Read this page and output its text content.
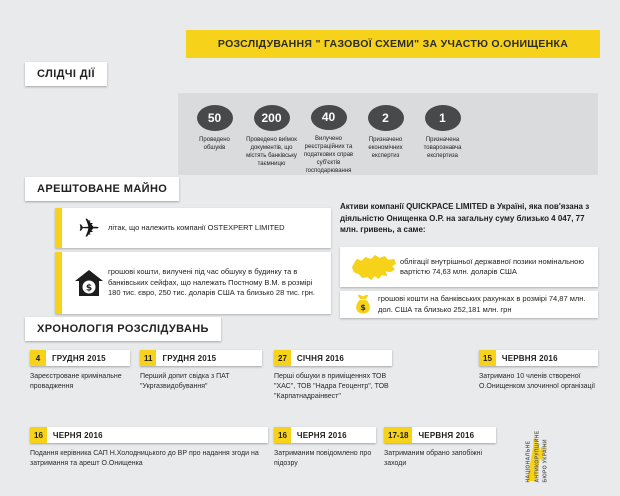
РОЗСЛІДУВАННЯ " ГАЗОВОЇ СХЕМИ" ЗА УЧАСТЮ О.ОНИЩЕНКА
СЛІДЧІ ДІЇ
50
Проведено обшуків
200
Проведено виїмок документів, що містять банківську таємницю
40
Вилучено реєстраційних та податкових справ суб'єктів господарювання
2
Призначено економічних експертиз
1
Призначена товарознавча експертиза
АРЕШТОВАНЕ МАЙНО
✈ літак, що належить компанії OSTEXPERT LIMITED
$
грошові кошти, вилучені під час обшуку в будинку та в банківських сейфах, що належать Постному В.М. в розмірі 180 тис. євро, 250 тис. доларів США та близько 28 тис. грн.
Активи компанії QUICKPACE LIMITED в Україні, яка пов'язана з діяльністю Онищенка О.Р. на загальну суму близько 4 047, 77 млн. гривень, а саме:
облігації внутрішньої державної позики номінальною вартістю 74,63 млн. доларів США
$
грошові кошти на банківських рахунках в розмірі 74,87 млн. дол. США та близько 252,181 млн. грн
ХРОНОЛОГІЯ РОЗСЛІДУВАНЬ
4	ГРУДНЯ 2015
Зареєстроване кримінальне провадження
11	ГРУДНЯ 2015
Перший допит свідка з ПАТ "Укргазвидобування"
27	СІЧНЯ 2016
Перші обшуки в приміщеннях ТОВ "ХАС", ТОВ "Надра Геоцентр", ТОВ "Карпатнадраінвест"
15	ЧЕРВНЯ 2016
Затримано 10 членів створеної О.Онищенком злочинної організації
16	ЧЕРНЯ 2016
Подання керівника САП Н.Холодницького до ВР про надання згоди на затримання та арешт О.Онищенка
16	ЧЕРНЯ 2016
Затриманим повідомлено про підозру
17-18	ЧЕРВНЯ 2016
Затриманим обрано запобіжні заходи	НАЦІОНАЛЬНЕ АНТИКОРУПЦІЙНЕ БЮРО УКРАЇНИ
